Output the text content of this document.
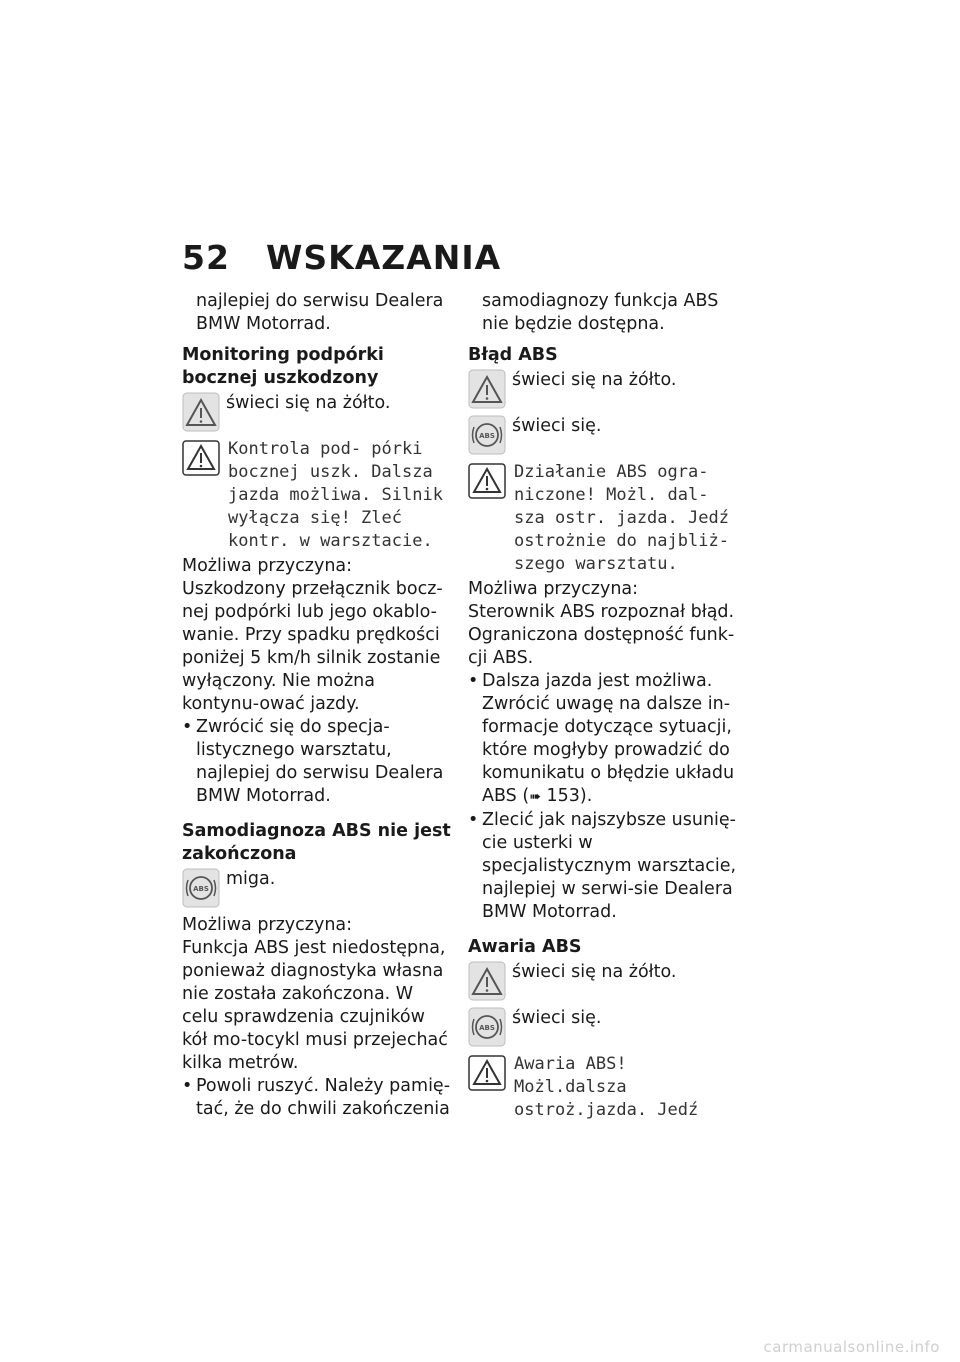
52 WSKAZANIA

najlepiej do serwisu Dealera BMW Motorrad.

Monitoring podpórki bocznej uszkodzony
świeci się na żółto.
Kontrola pod- pórki bocznej uszk. Dalsza jazda możliwa. Silnik wyłącza się! Zleć kontr. w warsztacie.
Możliwa przyczyna:
Uszkodzony przełącznik bocz-nej podpórki lub jego okablo-wanie. Przy spadku prędkości poniżej 5 km/h silnik zostanie wyłączony. Nie można kontynu-ować jazdy.
• Zwrócić się do specja-listycznego warsztatu, najlepiej do serwisu Dealera BMW Motorrad.
Samodiagnoza ABS nie jest zakończona
ABS miga.
Możliwa przyczyna:
Funkcja ABS jest niedostępna, ponieważ diagnostyka własna nie została zakończona. W celu sprawdzenia czujników kół mo-tocykl musi przejechać kilka metrów.
• Powoli ruszyć. Należy pamię-tać, że do chwili zakończenia

samodiagnozy funkcja ABS nie będzie dostępna.

Błąd ABS
świeci się na żółto.
ABS świeci się.
Działanie ABS ogra- niczone! Możl. dal- sza ostr. jazda. Jedź ostrożnie do najbliż- szego warsztatu.
Możliwa przyczyna:
Sterownik ABS rozpoznał błąd. Ograniczona dostępność funk-cji ABS.
• Dalsza jazda jest możliwa. Zwrócić uwagę na dalsze in-formacje dotyczące sytuacji, które mogłyby prowadzić do komunikatu o błędzie układu ABS (➠ 153).
• Zlecić jak najszybsze usunię-cie usterki w specjalistycznym warsztacie, najlepiej w serwi-sie Dealera BMW Motorrad.
Awaria ABS
świeci się na żółto.
ABS świeci się.
Awaria ABS! Możl.dalsza ostroż.jazda. Jedź
carmanualsonline.info
